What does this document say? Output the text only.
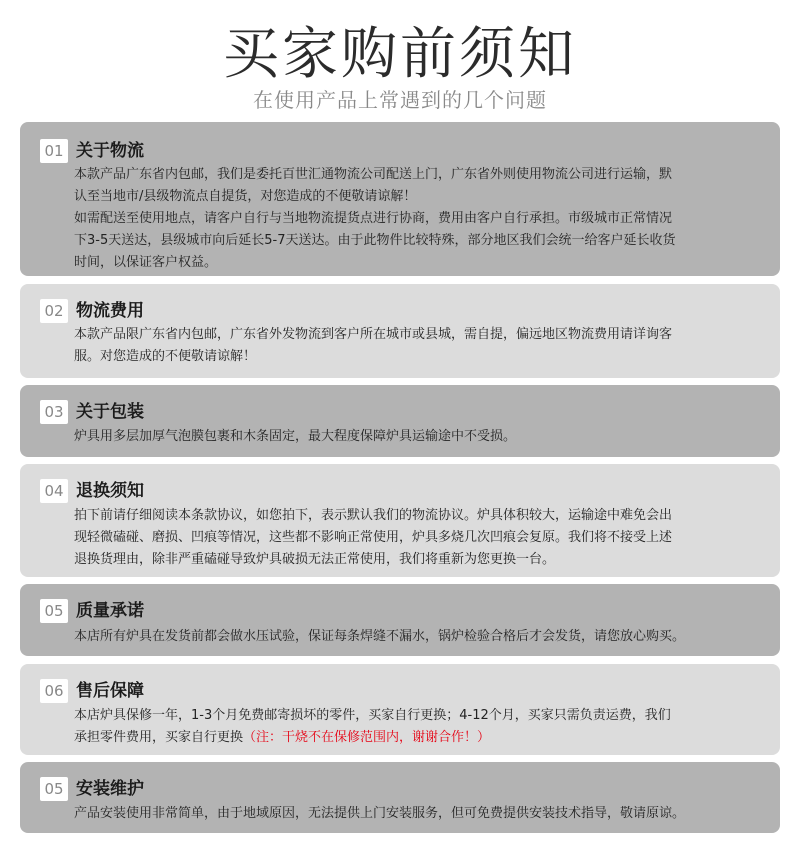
买家购前须知
在使用产品上常遇到的几个问题
01 关于物流
本款产品广东省内包邮，我们是委托百世汇通物流公司配送上门，广东省外则使用物流公司进行运输，默
认至当地市/县级物流点自提货，对您造成的不便敬请谅解！
如需配送至使用地点，请客户自行与当地物流提货点进行协商，费用由客户自行承担。市级城市正常情况
下3-5天送达，县级城市向后延长5-7天送达。由于此物件比较特殊，部分地区我们会统一给客户延长收货
时间，以保证客户权益。
02 物流费用
本款产品限广东省内包邮，广东省外发物流到客户所在城市或县城，需自提，偏远地区物流费用请详询客
服。对您造成的不便敬请谅解！
03 关于包装
炉具用多层加厚气泡膜包裹和木条固定，最大程度保障炉具运输途中不受损。
04 退换须知
拍下前请仔细阅读本条款协议，如您拍下，表示默认我们的物流协议。炉具体积较大，运输途中难免会出
现轻微磕碰、磨损、凹痕等情况，这些都不影响正常使用，炉具多烧几次凹痕会复原。我们将不接受上述
退换货理由，除非严重磕碰导致炉具破损无法正常使用，我们将重新为您更换一台。
05 质量承诺
本店所有炉具在发货前都会做水压试验，保证每条焊缝不漏水，锅炉检验合格后才会发货，请您放心购买。
06 售后保障
本店炉具保修一年，1-3个月免费邮寄损坏的零件，买家自行更换；4-12个月，买家只需负责运费，我们
承担零件费用，买家自行更换（注：干烧不在保修范围内，谢谢合作！）
05 安装维护
产品安装使用非常简单，由于地域原因，无法提供上门安装服务，但可免费提供安装技术指导，敬请原谅。
